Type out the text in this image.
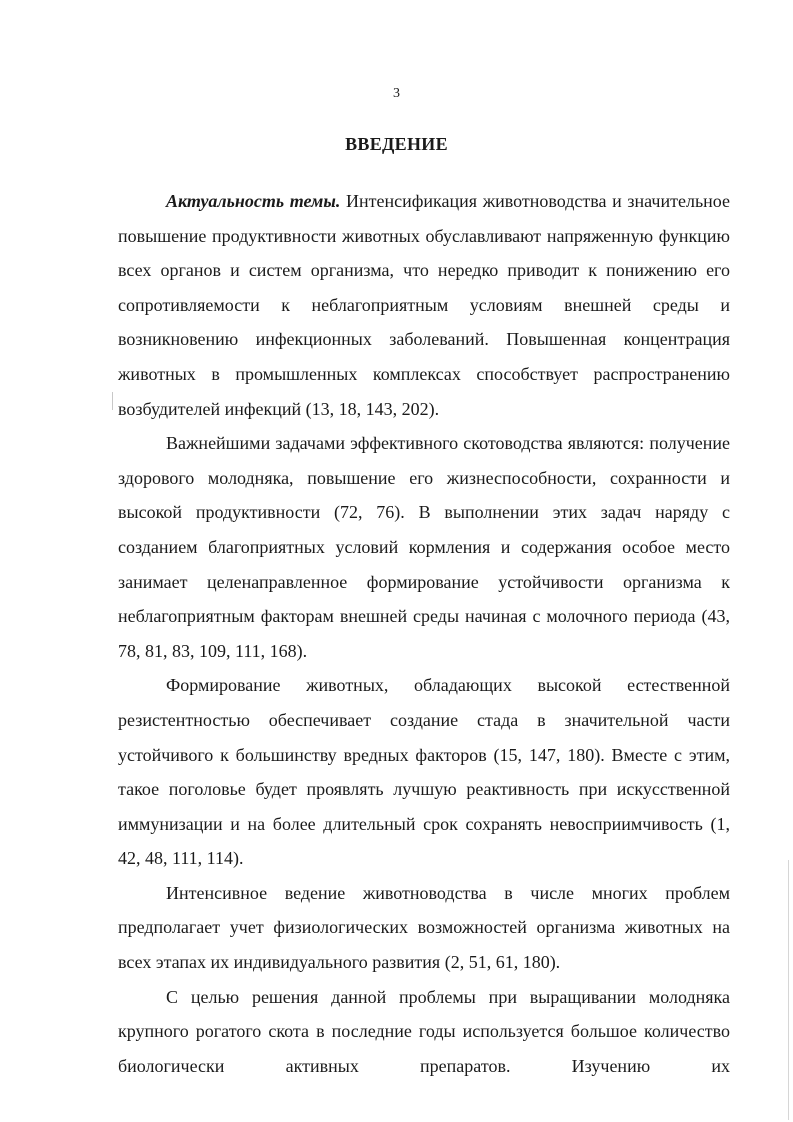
3
ВВЕДЕНИЕ

Актуальность темы. Интенсификация животноводства и значительное повышение продуктивности животных обуславливают напряженную функцию всех органов и систем организма, что нередко приводит к понижению его сопротивляемости к неблагоприятным условиям внешней среды и возникновению инфекционных заболеваний. Повышенная концентрация животных в промышленных комплексах способствует распространению возбудителей инфекций (13, 18, 143, 202).

Важнейшими задачами эффективного скотоводства являются: получение здорового молодняка, повышение его жизнеспособности, сохранности и высокой продуктивности (72, 76). В выполнении этих задач наряду с созданием благоприятных условий кормления и содержания особое место занимает целенаправленное формирование устойчивости организма к неблагоприятным факторам внешней среды начиная с молочного периода (43, 78, 81, 83, 109, 111, 168).

Формирование животных, обладающих высокой естественной резистентностью обеспечивает создание стада в значительной части устойчивого к большинству вредных факторов (15, 147, 180). Вместе с этим, такое поголовье будет проявлять лучшую реактивность при искусственной иммунизации и на более длительный срок сохранять невосприимчивость (1, 42, 48, 111, 114).

Интенсивное ведение животноводства в числе многих проблем предполагает учет физиологических возможностей организма животных на всех этапах их индивидуального развития (2, 51, 61, 180).

С целью решения данной проблемы при выращивании молодняка крупного рогатого скота в последние годы используется большое количество биологически активных препаратов. Изучению их
